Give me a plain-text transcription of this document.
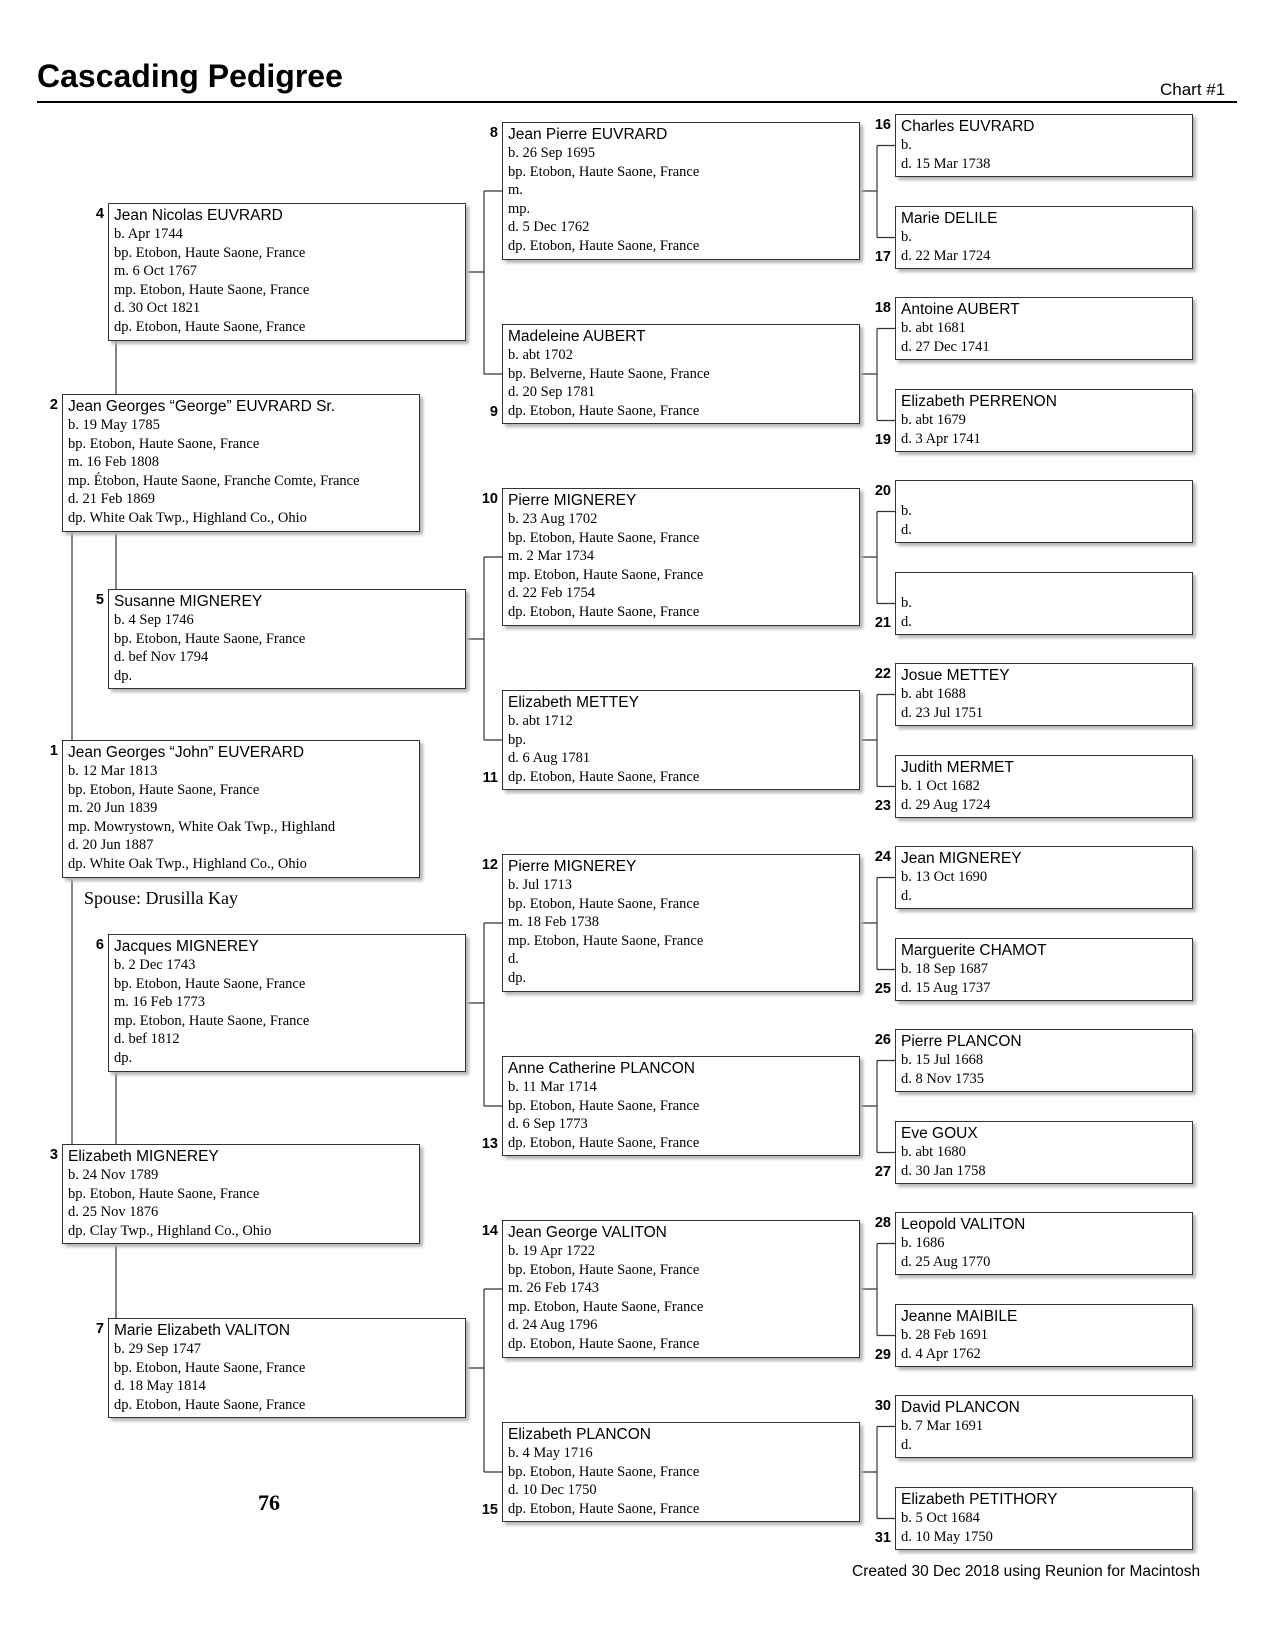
Cascading Pedigree	Chart #1
Jean Georges “John” EUVERARD
b. 12 Mar 1813
bp. Etobon, Haute Saone, France
m. 20 Jun 1839
mp. Mowrystown, White Oak Twp., Highland
d. 20 Jun 1887
dp. White Oak Twp., Highland Co., Ohio
1
Jean Georges “George” EUVRARD Sr.
b. 19 May 1785
bp. Etobon, Haute Saone, France
m. 16 Feb 1808
mp. Étobon, Haute Saone, Franche Comte, France
d. 21 Feb 1869
dp. White Oak Twp., Highland Co., Ohio
2
Elizabeth MIGNEREY
b. 24 Nov 1789
bp. Etobon, Haute Saone, France
d. 25 Nov 1876
dp. Clay Twp., Highland Co., Ohio
3
Jean Nicolas EUVRARD
b. Apr 1744
bp. Etobon, Haute Saone, France
m. 6 Oct 1767
mp. Etobon, Haute Saone, France
d. 30 Oct 1821
dp. Etobon, Haute Saone, France
4
Susanne MIGNEREY
b. 4 Sep 1746
bp. Etobon, Haute Saone, France
d. bef Nov 1794
dp.
5
Jacques MIGNEREY
b. 2 Dec 1743
bp. Etobon, Haute Saone, France
m. 16 Feb 1773
mp. Etobon, Haute Saone, France
d. bef 1812
dp.
6
Marie Elizabeth VALITON
b. 29 Sep 1747
bp. Etobon, Haute Saone, France
d. 18 May 1814
dp. Etobon, Haute Saone, France
7
Jean Pierre EUVRARD
b. 26 Sep 1695
bp. Etobon, Haute Saone, France
m.
mp.
d. 5 Dec 1762
dp. Etobon, Haute Saone, France
8
Madeleine AUBERT
b. abt 1702
bp. Belverne, Haute Saone, France
d. 20 Sep 1781
dp. Etobon, Haute Saone, France
9
Pierre MIGNEREY
b. 23 Aug 1702
bp. Etobon, Haute Saone, France
m. 2 Mar 1734
mp. Etobon, Haute Saone, France
d. 22 Feb 1754
dp. Etobon, Haute Saone, France
10
Elizabeth METTEY
b. abt 1712
bp.
d. 6 Aug 1781
dp. Etobon, Haute Saone, France
11
Pierre MIGNEREY
b. Jul 1713
bp. Etobon, Haute Saone, France
m. 18 Feb 1738
mp. Etobon, Haute Saone, France
d.
dp.
12
Anne Catherine PLANCON
b. 11 Mar 1714
bp. Etobon, Haute Saone, France
d. 6 Sep 1773
dp. Etobon, Haute Saone, France
13
Jean George VALITON
b. 19 Apr 1722
bp. Etobon, Haute Saone, France
m. 26 Feb 1743
mp. Etobon, Haute Saone, France
d. 24 Aug 1796
dp. Etobon, Haute Saone, France
14
Elizabeth PLANCON
b. 4 May 1716
bp. Etobon, Haute Saone, France
d. 10 Dec 1750
dp. Etobon, Haute Saone, France
15
Charles EUVRARD
b.
d. 15 Mar 1738
16
Marie DELILE
b.
d. 22 Mar 1724
17
Antoine AUBERT
b. abt 1681
d. 27 Dec 1741
18
Elizabeth PERRENON
b. abt 1679
d. 3 Apr 1741
19

b.
d.
20

b.
d.
21
Josue METTEY
b. abt 1688
d. 23 Jul 1751
22
Judith MERMET
b. 1 Oct 1682
d. 29 Aug 1724
23
Jean MIGNEREY
b. 13 Oct 1690
d.
24
Marguerite CHAMOT
b. 18 Sep 1687
d. 15 Aug 1737
25
Pierre PLANCON
b. 15 Jul 1668
d. 8 Nov 1735
26
Eve GOUX
b. abt 1680
d. 30 Jan 1758
27
Leopold VALITON
b. 1686
d. 25 Aug 1770
28
Jeanne MAIBILE
b. 28 Feb 1691
d. 4 Apr 1762
29
David PLANCON
b. 7 Mar 1691
d.
30
Elizabeth PETITHORY
b. 5 Oct 1684
d. 10 May 1750
31
Spouse: Drusilla Kay
76
Created 30 Dec 2018 using Reunion for Macintosh
